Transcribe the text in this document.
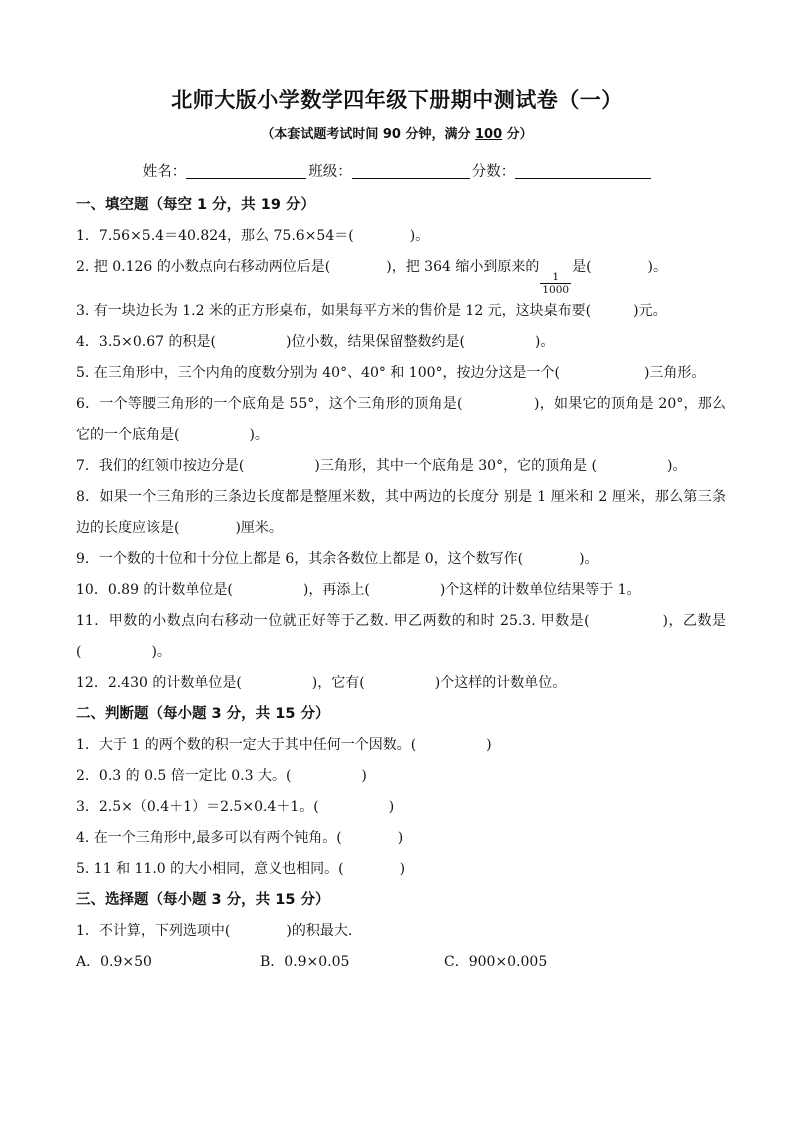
北师大版小学数学四年级下册期中测试卷（一）
（本套试题考试时间 90 分钟，满分 100 分）
姓名：	班级：	分数：
一、填空题（每空 1 分，共 19 分）
1．7.56×5.4＝40.824，那么 75.6×54＝(　　　　)。
2. 把 0.126 的小数点向右移动两位后是(　　　　)，把 364 缩小到原来的
$\frac{1}{1000}$
是(　　　　)。
3. 有一块边长为 1.2 米的正方形桌布，如果每平方米的售价是 12 元，这块桌布要(　　　)元。
4．3.5×0.67 的积是(　　　　　)位小数，结果保留整数约是(　　　　　)。
5. 在三角形中，三个内角的度数分别为 40°、40° 和 100°，按边分这是一个(　　　　　　)三角形。
6．一个等腰三角形的一个底角是 55°，这个三角形的顶角是(　　　　　)，如果它的顶角是 20°，那么它的一个底角是(　　　　　)。
7．我们的红领巾按边分是(　　　　　)三角形，其中一个底角是 30°，它的顶角是 (　　　　　)。
8．如果一个三角形的三条边长度都是整厘米数，其中两边的长度分 别是 1 厘米和 2 厘米，那么第三条边的长度应该是(　　　　)厘米。
9．一个数的十位和十分位上都是 6，其余各数位上都是 0，这个数写作(　　　　)。
10．0.89 的计数单位是(　　　　　)，再添上(　　　　　)个这样的计数单位结果等于 1。
11．甲数的小数点向右移动一位就正好等于乙数. 甲乙两数的和时 25.3. 甲数是(　　　　　)，乙数是(　　　　　)。
12．2.430 的计数单位是(　　　　　)，它有(　　　　　)个这样的计数单位。
二、判断题（每小题 3 分，共 15 分）
1．大于 1 的两个数的积一定大于其中任何一个因数。(　　　　　)
2．0.3 的 0.5 倍一定比 0.3 大。(　　　　　)
3．2.5×（0.4＋1）＝2.5×0.4＋1。(　　　　　)
4. 在一个三角形中,最多可以有两个钝角。(　　　　)
5. 11 和 11.0 的大小相同，意义也相同。(　　　　)
三、选择题（每小题 3 分，共 15 分）
1．不计算，下列选项中(　　　　)的积最大.
A．0.9×50	B．0.9×0.05	C．900×0.005
